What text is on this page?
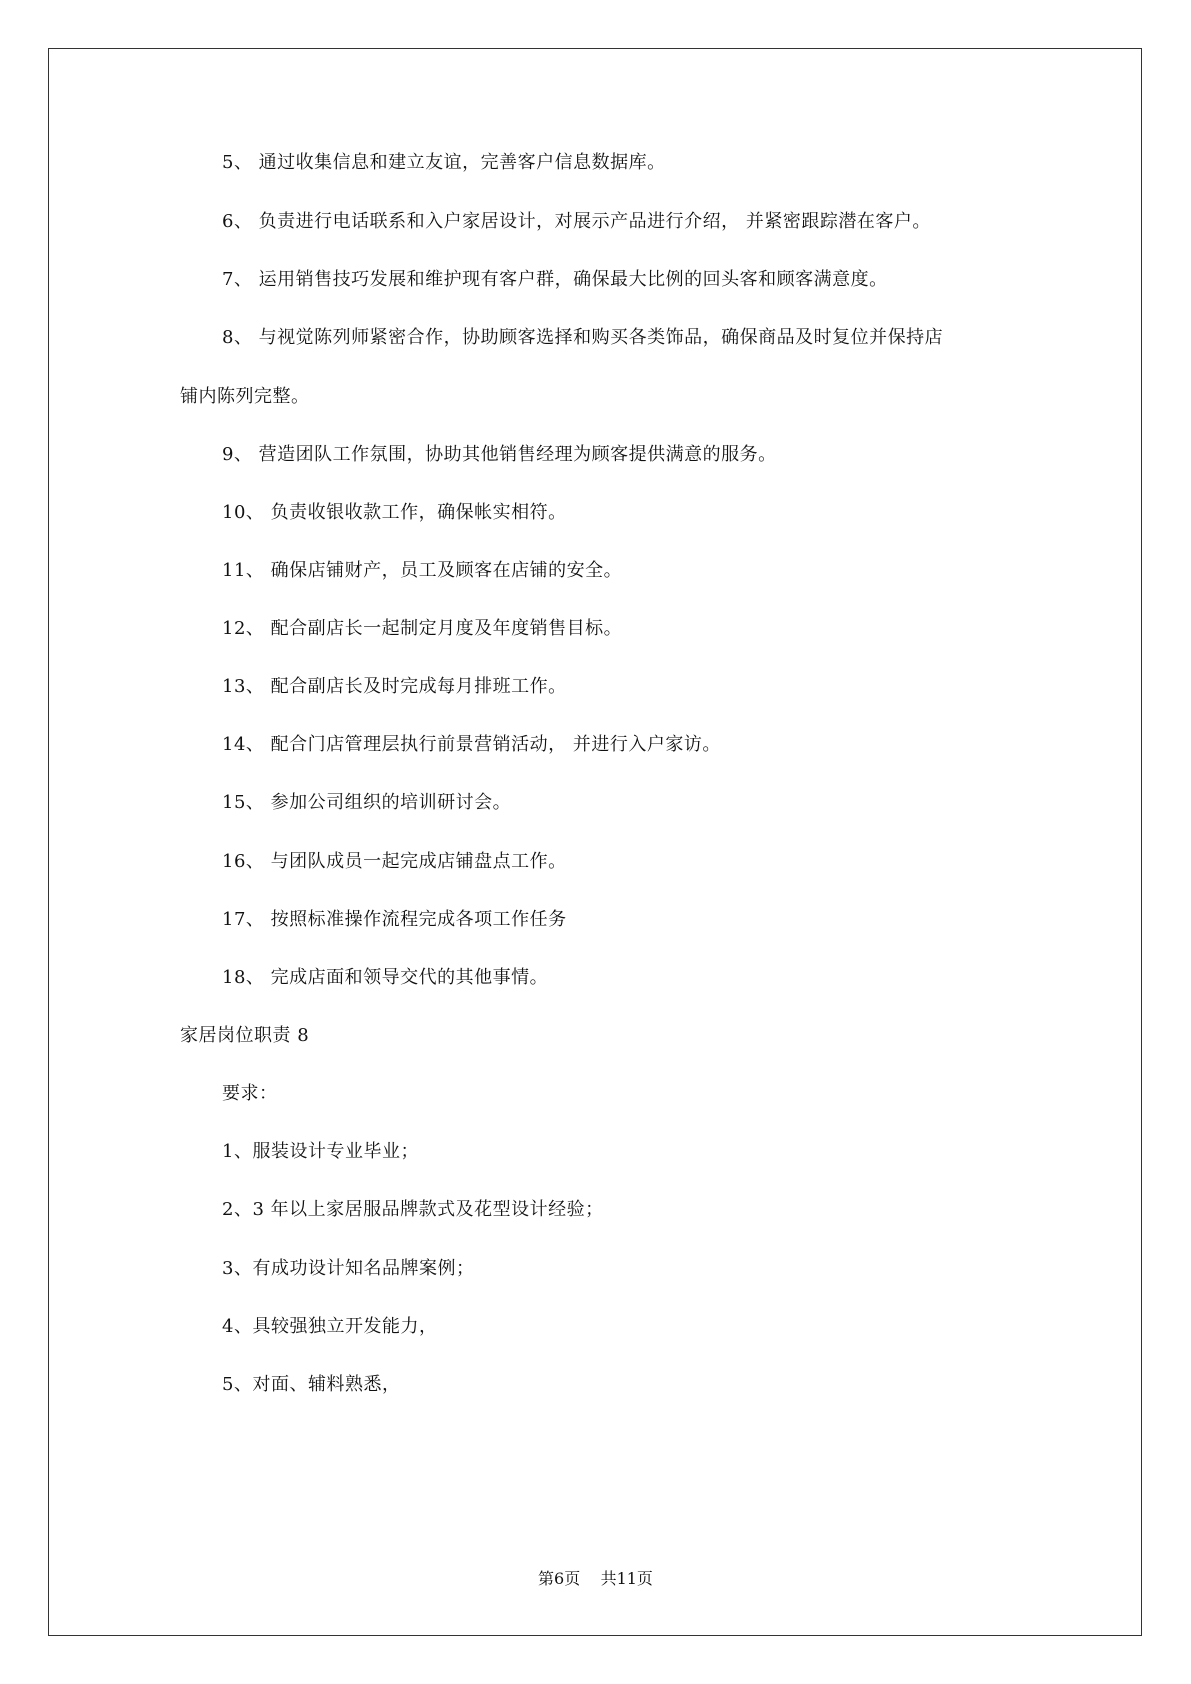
5、 通过收集信息和建立友谊，完善客户信息数据库。
6、 负责进行电话联系和入户家居设计，对展示产品进行介绍， 并紧密跟踪潜在客户。
7、 运用销售技巧发展和维护现有客户群，确保最大比例的回头客和顾客满意度。
8、 与视觉陈列师紧密合作，协助顾客选择和购买各类饰品，确保商品及时复位并保持店
铺内陈列完整。
9、 营造团队工作氛围，协助其他销售经理为顾客提供满意的服务。
10、 负责收银收款工作，确保帐实相符。
11、 确保店铺财产，员工及顾客在店铺的安全。
12、 配合副店长一起制定月度及年度销售目标。
13、 配合副店长及时完成每月排班工作。
14、 配合门店管理层执行前景营销活动， 并进行入户家访。
15、 参加公司组织的培训研讨会。
16、 与团队成员一起完成店铺盘点工作。
17、 按照标准操作流程完成各项工作任务
18、 完成店面和领导交代的其他事情。
家居岗位职责 8
要求：
1、服装设计专业毕业；
2、3 年以上家居服品牌款式及花型设计经验；
3、有成功设计知名品牌案例；
4、具较强独立开发能力，
5、对面、辅料熟悉，
第6页    共11页
